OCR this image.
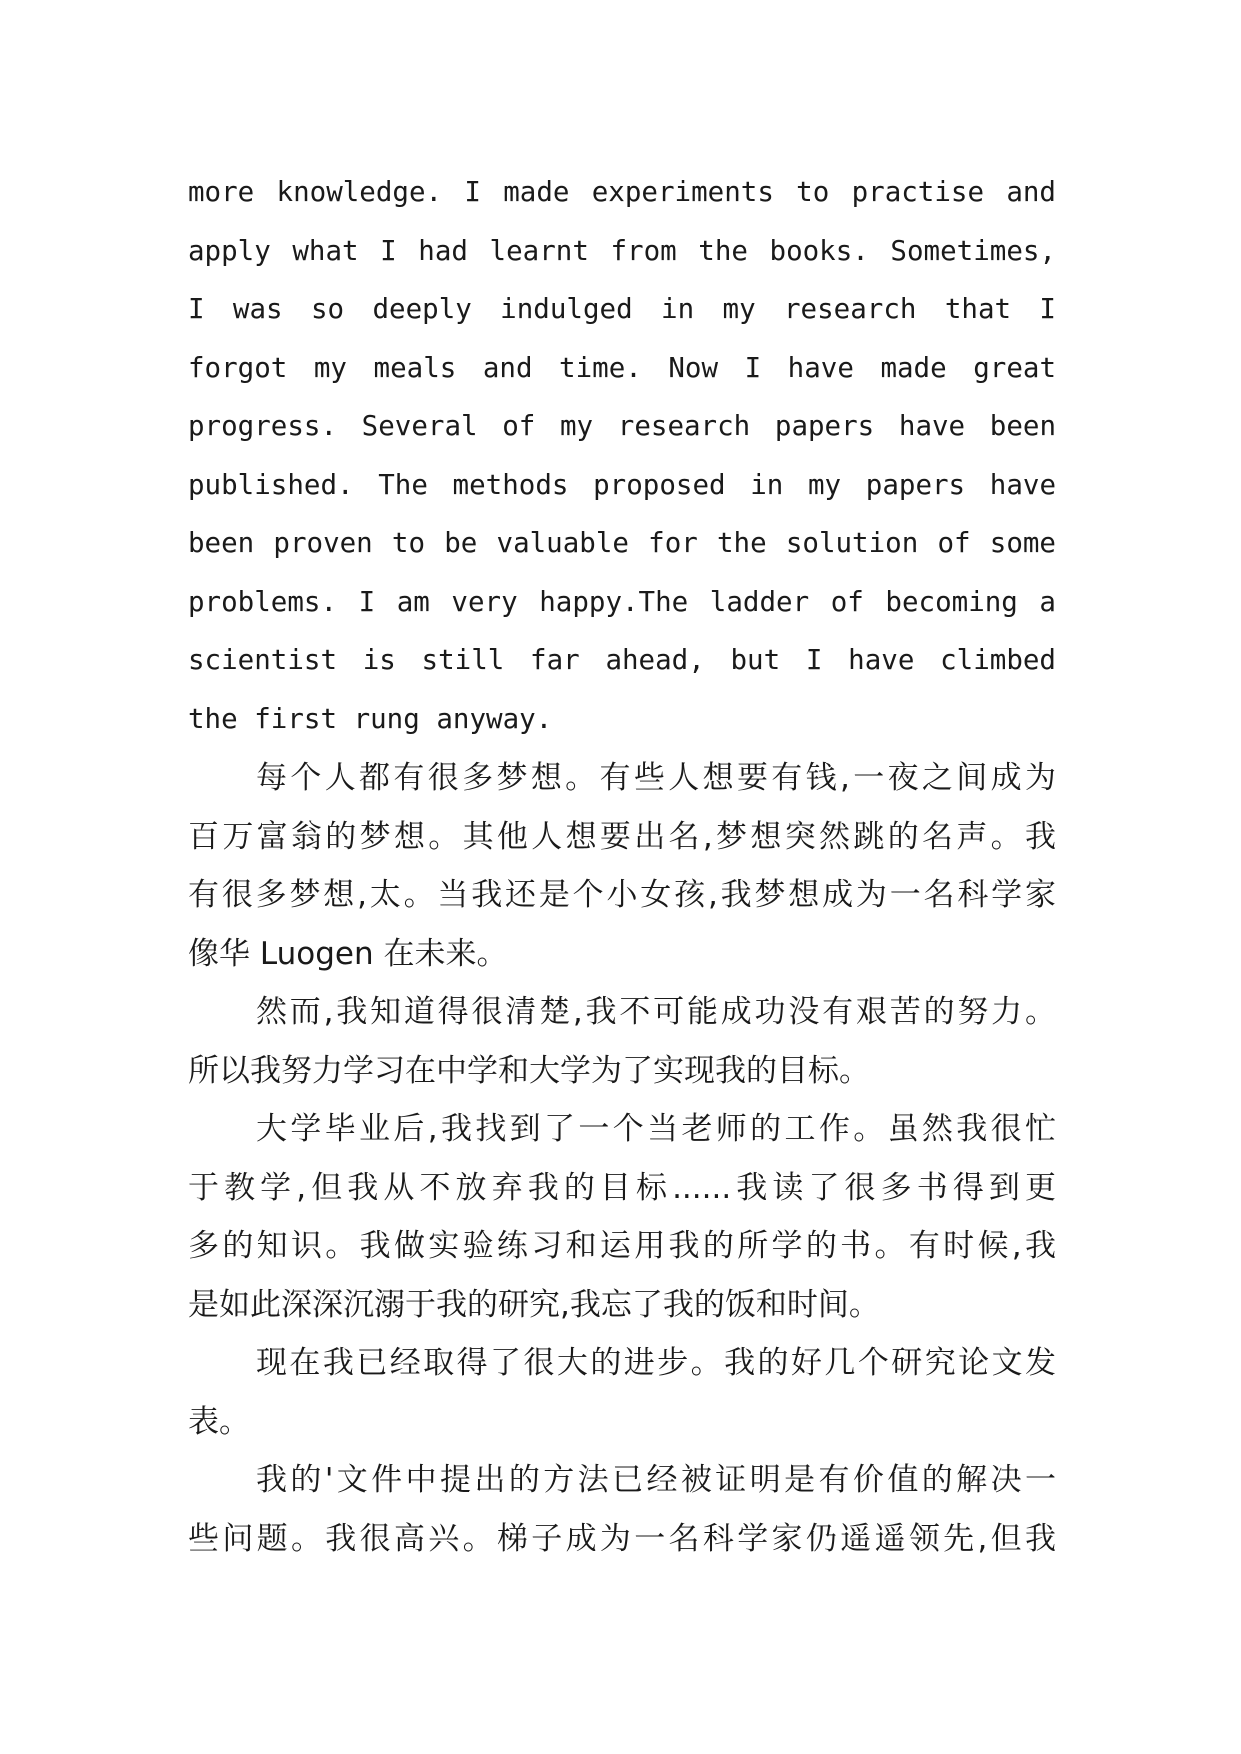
more knowledge. I made experiments to practise and
apply what I had learnt from the books. Sometimes,
I was so deeply indulged in my research that I
forgot my meals and time. Now I have made great
progress. Several of my research papers have been
published. The methods proposed in my papers have
been proven to be valuable for the solution of some
problems. I am very happy.The ladder of becoming a
scientist is still far ahead, but I have climbed
the first rung anyway.
每个人都有很多梦想。有些人想要有钱,一夜之间成为
百万富翁的梦想。其他人想要出名,梦想突然跳的名声。我
有很多梦想,太。当我还是个小女孩,我梦想成为一名科学家
像华 Luogen 在未来。
然而,我知道得很清楚,我不可能成功没有艰苦的努力。
所以我努力学习在中学和大学为了实现我的目标。
大学毕业后,我找到了一个当老师的工作。虽然我很忙
于教学,但我从不放弃我的目标......我读了很多书得到更
多的知识。我做实验练习和运用我的所学的书。有时候,我
是如此深深沉溺于我的研究,我忘了我的饭和时间。
现在我已经取得了很大的进步。我的好几个研究论文发
表。
我的'文件中提出的方法已经被证明是有价值的解决一
些问题。我很高兴。梯子成为一名科学家仍遥遥领先,但我
